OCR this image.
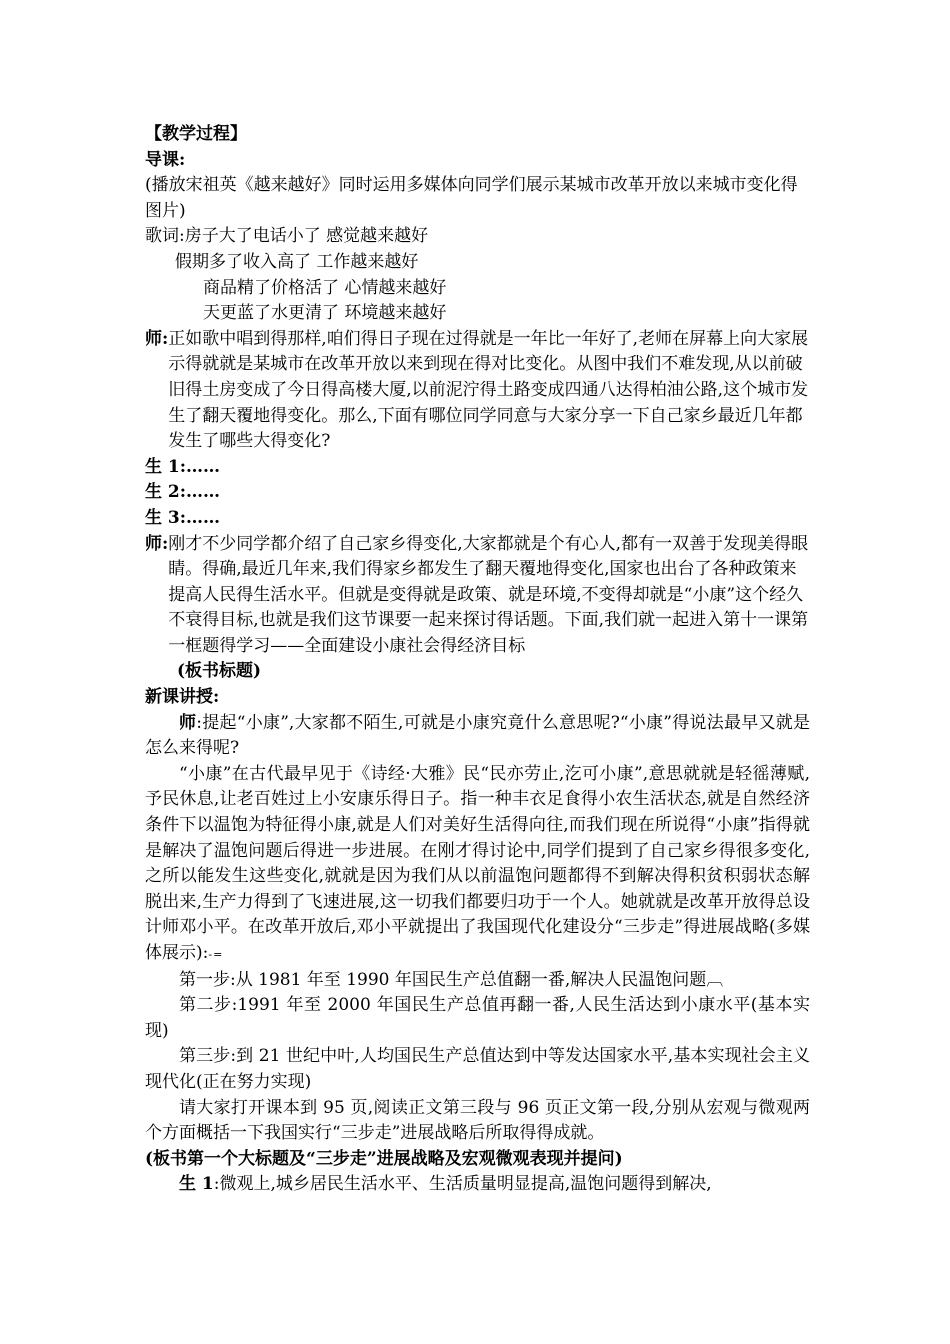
【教学过程】
导课:
(播放宋祖英《越来越好》同时运用多媒体向同学们展示某城市改革开放以来城市变化得图片)
歌词:房子大了电话小了 感觉越来越好
假期多了收入高了 工作越来越好
商品精了价格活了 心情越来越好
天更蓝了水更清了 环境越来越好
师: 正如歌中唱到得那样,咱们得日子现在过得就是一年比一年好了,老师在屏幕上向大家展示得就就是某城市在改革开放以来到现在得对比变化。从图中我们不难发现,从以前破旧得土房变成了今日得高楼大厦,以前泥泞得土路变成四通八达得柏油公路,这个城市发生了翻天覆地得变化。那么,下面有哪位同学同意与大家分享一下自己家乡最近几年都发生了哪些大得变化?
生 1:……
生 2:……
生 3:……
师: 刚才不少同学都介绍了自己家乡得变化,大家都就是个有心人,都有一双善于发现美得眼睛。得确,最近几年来,我们得家乡都发生了翻天覆地得变化,国家也出台了各种政策来提高人民得生活水平。但就是变得就是政策、就是环境,不变得却就是“小康”这个经久不衰得目标,也就是我们这节课要一起来探讨得话题。下面,我们就一起进入第十一课第一框题得学习——全面建设小康社会得经济目标
(板书标题)
新课讲授:
师:提起“小康”,大家都不陌生,可就是小康究竟什么意思呢?“小康”得说法最早又就是怎么来得呢?
“小康”在古代最早见于《诗经·大雅》民“民亦劳止,汔可小康”,意思就就是轻徭薄赋,予民休息,让老百姓过上小安康乐得日子。指一种丰衣足食得小农生活状态,就是自然经济条件下以温饱为特征得小康,就是人们对美好生活得向往,而我们现在所说得“小康”指得就是解决了温饱问题后得进一步进展。在刚才得讨论中,同学们提到了自己家乡得很多变化,之所以能发生这些变化,就就是因为我们从以前温饱问题都得不到解决得积贫积弱状态解脱出来,生产力得到了飞速进展,这一切我们都要归功于一个人。她就就是改革开放得总设计师邓小平。在改革开放后,邓小平就提出了我国现代化建设分“三步走”得进展战略(多媒体展示):-=
第一步:从 1981 年至 1990 年国民生产总值翻一番,解决人民温饱问题︹
第二步:1991 年至 2000 年国民生产总值再翻一番,人民生活达到小康水平(基本实现)
第三步:到 21 世纪中叶,人均国民生产总值达到中等发达国家水平,基本实现社会主义现代化(正在努力实现)
请大家打开课本到 95 页,阅读正文第三段与 96 页正文第一段,分别从宏观与微观两个方面概括一下我国实行“三步走”进展战略后所取得得成就。
(板书第一个大标题及“三步走”进展战略及宏观微观表现并提问)
生 1:微观上,城乡居民生活水平、生活质量明显提高,温饱问题得到解决,
